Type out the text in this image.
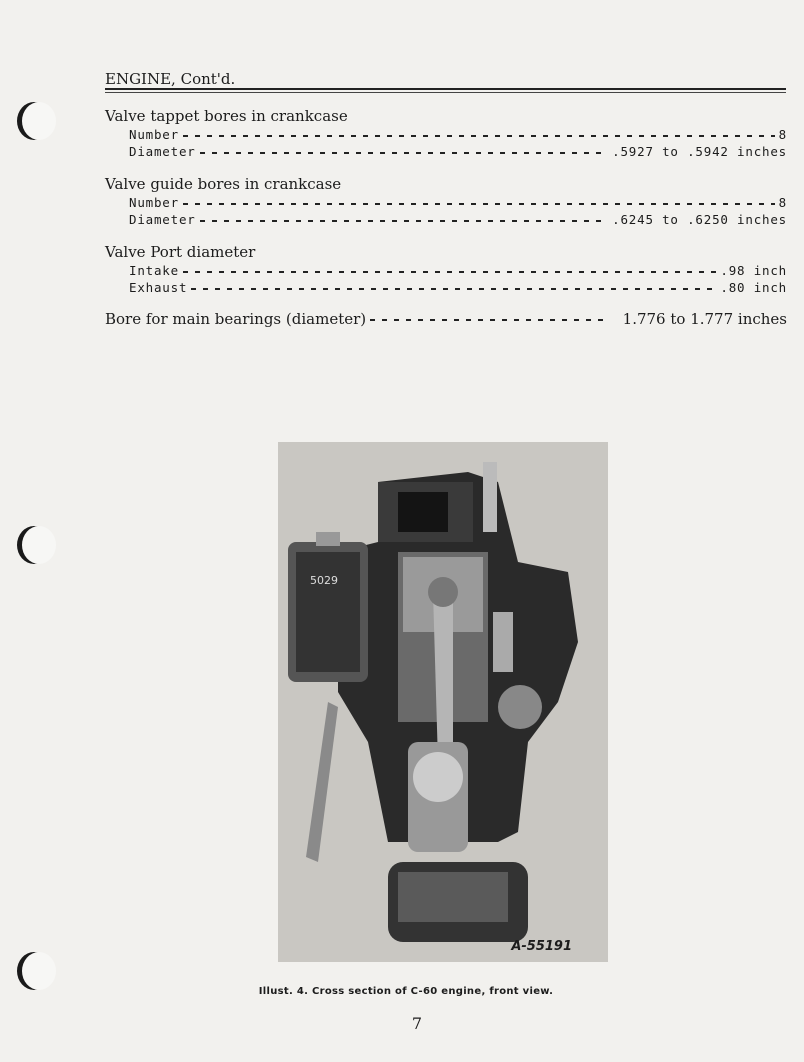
ENGINE, Cont'd.
Valve tappet bores in crankcase
Number	8
Diameter	.5927 to .5942 inches
Valve guide bores in crankcase
Number	8
Diameter	.6245 to .6250 inches
Valve Port diameter
Intake	.98 inch
Exhaust	.80 inch
Bore for main bearings (diameter)	1.776 to 1.777 inches
5029
A-55191
Illust. 4. Cross section of C-60 engine, front view.
7
